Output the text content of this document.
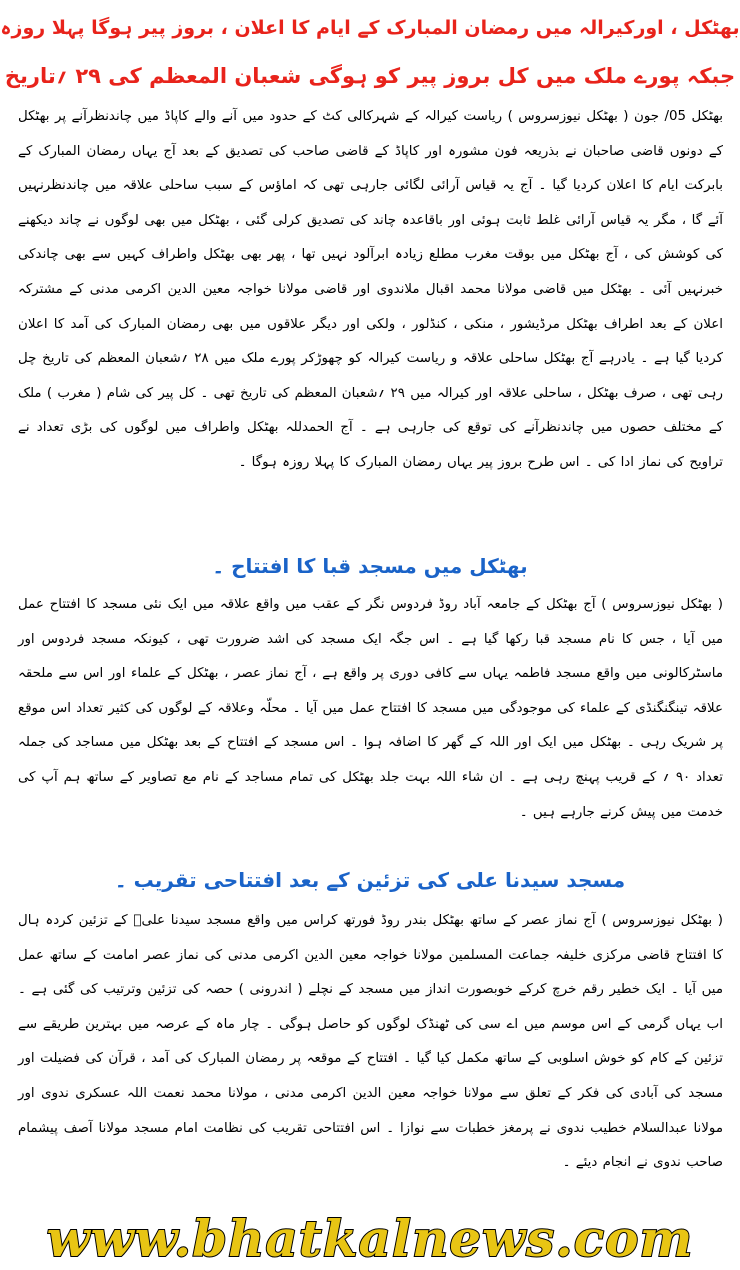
بھٹکل ، اورکیرالہ میں رمضان المبارک کے ایام کا اعلان ، بروز پیر ہوگا پہلا روزہ
جبکہ پورے ملک میں کل بروز پیر کو ہوگی شعبان المعظم کی ۲۹ ؍تاریخ
بھٹکل 05/ جون ( بھٹکل نیوزسروس ) ریاست کیرالہ کے شہرکالی کٹ کے حدود میں آنے والے کاپاڈ میں چاندنظرآنے پر بھٹکل کے دونوں قاضی صاحبان نے بذریعہ فون مشورہ اور کاپاڈ کے قاضی صاحب کی تصدیق کے بعد آج یہاں رمضان المبارک کے بابرکت ایام کا اعلان کردیا گیا ۔ آج یہ قیاس آرائی لگائی جارہی تھی کہ اماؤس کے سبب ساحلی علاقہ میں چاندنظرنہیں آئے گا ، مگر یہ قیاس آرائی غلط ثابت ہوئی اور باقاعدہ چاند کی تصدیق کرلی گئی ، بھٹکل میں بھی لوگوں نے چاند دیکھنے کی کوشش کی ، آج بھٹکل میں بوقت مغرب مطلع زیادہ ابرآلود نہیں تھا ، پھر بھی بھٹکل واطراف کہیں سے بھی چاندکی خبرنہیں آئی ۔ بھٹکل میں قاضی مولانا محمد اقبال ملاندوی اور قاضی مولانا خواجہ معین الدین اکرمی مدنی کے مشترکہ اعلان کے بعد اطراف بھٹکل مرڈیشور ، منکی ، کنڈلور ، ولکی اور دیگر علاقوں میں بھی رمضان المبارک کی آمد کا اعلان کردیا گیا ہے ۔ یادرہے آج بھٹکل ساحلی علاقہ و ریاست کیرالہ کو چھوڑکر پورے ملک میں ۲۸ ؍شعبان المعظم کی تاریخ چل رہی تھی ، صرف بھٹکل ، ساحلی علاقہ اور کیرالہ میں ۲۹ ؍شعبان المعظم کی تاریخ تھی ۔ کل پیر کی شام ( مغرب ) ملک کے مختلف حصوں میں چاندنظرآنے کی توقع کی جارہی ہے ۔ آج الحمدللہ بھٹکل واطراف میں لوگوں کی بڑی تعداد نے تراویح کی نماز ادا کی ۔ اس طرح بروز پیر یہاں رمضان المبارک کا پہلا روزہ ہوگا ۔
بھٹکل میں مسجد قبا کا افتتاح ۔
( بھٹکل نیوزسروس ) آج بھٹکل کے جامعہ آباد روڈ فردوس نگر کے عقب میں واقع علاقہ میں ایک نئی مسجد کا افتتاح عمل میں آیا ، جس کا نام مسجد قبا رکھا گیا ہے ۔ اس جگہ ایک مسجد کی اشد ضرورت تھی ، کیونکہ مسجد فردوس اور ماسٹرکالونی میں واقع مسجد فاطمہ یہاں سے کافی دوری پر واقع ہے ، آج نماز عصر ، بھٹکل کے علماء اور اس سے ملحقہ علاقہ تینگنگنڈی کے علماء کی موجودگی میں مسجد کا افتتاح عمل میں آیا ۔ محلّہ وعلاقہ کے لوگوں کی کثیر تعداد اس موقع پر شریک رہی ۔ بھٹکل میں ایک اور اللہ کے گھر کا اضافہ ہوا ۔ اس مسجد کے افتتاح کے بعد بھٹکل میں مساجد کی جملہ تعداد ۹۰ ؍ کے قریب پہنچ رہی ہے ۔ ان شاء اللہ بہت جلد بھٹکل کی تمام مساجد کے نام مع تصاویر کے ساتھ ہم آپ کی خدمت میں پیش کرنے جارہے ہیں ۔
مسجد سیدنا علی کی تزئین کے بعد افتتاحی تقریب ۔
( بھٹکل نیوزسروس ) آج نماز عصر کے ساتھ بھٹکل بندر روڈ فورتھ کراس میں واقع مسجد سیدنا علیؓ کے تزئین کردہ ہال کا افتتاح قاضی مرکزی خلیفہ جماعت المسلمین مولانا خواجہ معین الدین اکرمی مدنی کی نماز عصر امامت کے ساتھ عمل میں آیا ۔ ایک خطیر رقم خرچ کرکے خوبصورت انداز میں مسجد کے نچلے ( اندرونی ) حصہ کی تزئین وترتیب کی گئی ہے ۔ اب یہاں گرمی کے اس موسم میں اے سی کی ٹھنڈک لوگوں کو حاصل ہوگی ۔ چار ماہ کے عرصہ میں بہترین طریقے سے تزئین کے کام کو خوش اسلوبی کے ساتھ مکمل کیا گیا ۔ افتتاح کے موقعہ پر رمضان المبارک کی آمد ، قرآن کی فضیلت اور مسجد کی آبادی کی فکر کے تعلق سے مولانا خواجہ معین الدین اکرمی مدنی ، مولانا محمد نعمت اللہ عسکری ندوی اور مولانا عبدالسلام خطیب ندوی نے پرمغز خطبات سے نوازا ۔ اس افتتاحی تقریب کی نظامت امام مسجد مولانا آصف پیشمام صاحب ندوی نے انجام دیئے ۔
www.bhatkalnews.com
